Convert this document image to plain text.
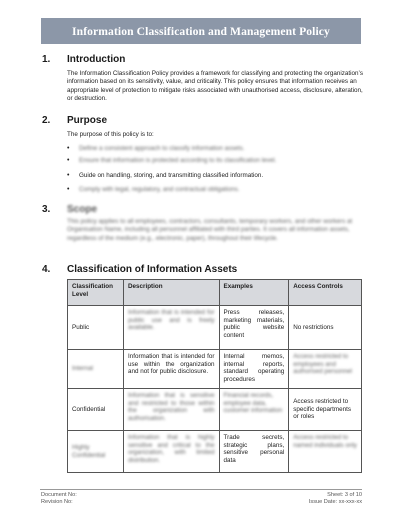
Information Classification and Management Policy
1. Introduction
The Information Classification Policy provides a framework for classifying and protecting the organization’s information based on its sensitivity, value, and criticality. This policy ensures that information receives an appropriate level of protection to mitigate risks associated with unauthorised access, disclosure, alteration, or destruction.
2. Purpose
The purpose of this policy is to:
•	Define a consistent approach to classify information assets.
•	Ensure that information is protected according to its classification level.
•	Guide on handling, storing, and transmitting classified information.
•	Comply with legal, regulatory, and contractual obligations.
3. Scope
This policy applies to all employees, contractors, consultants, temporary workers, and other workers at Organisation Name, including all personnel affiliated with third parties. It covers all information assets, regardless of the medium (e.g., electronic, paper), throughout their lifecycle.
4. Classification of Information Assets
Classification Level	Description	Examples	Access Controls
Public	Information that is intended for public use and is freely available.	Press releases, marketing materials, public website content	No restrictions
Internal	Information that is intended for use within the organization and not for public disclosure.	Internal memos, internal reports, standard operating procedures	Access restricted to employees and authorised personnel
Confidential	Information that is sensitive and restricted to those within the organization with authorisation.	Financial records, employee data, customer information	Access restricted to specific departments or roles
Highly Confidential	Information that is highly sensitive and critical to the organization, with limited distribution.	Trade secrets, strategic plans, sensitive personal data	Access restricted to named individuals only
Document No:
Revision No:
Sheet: 3 of 10
Issue Date: xx-xxx-xx
